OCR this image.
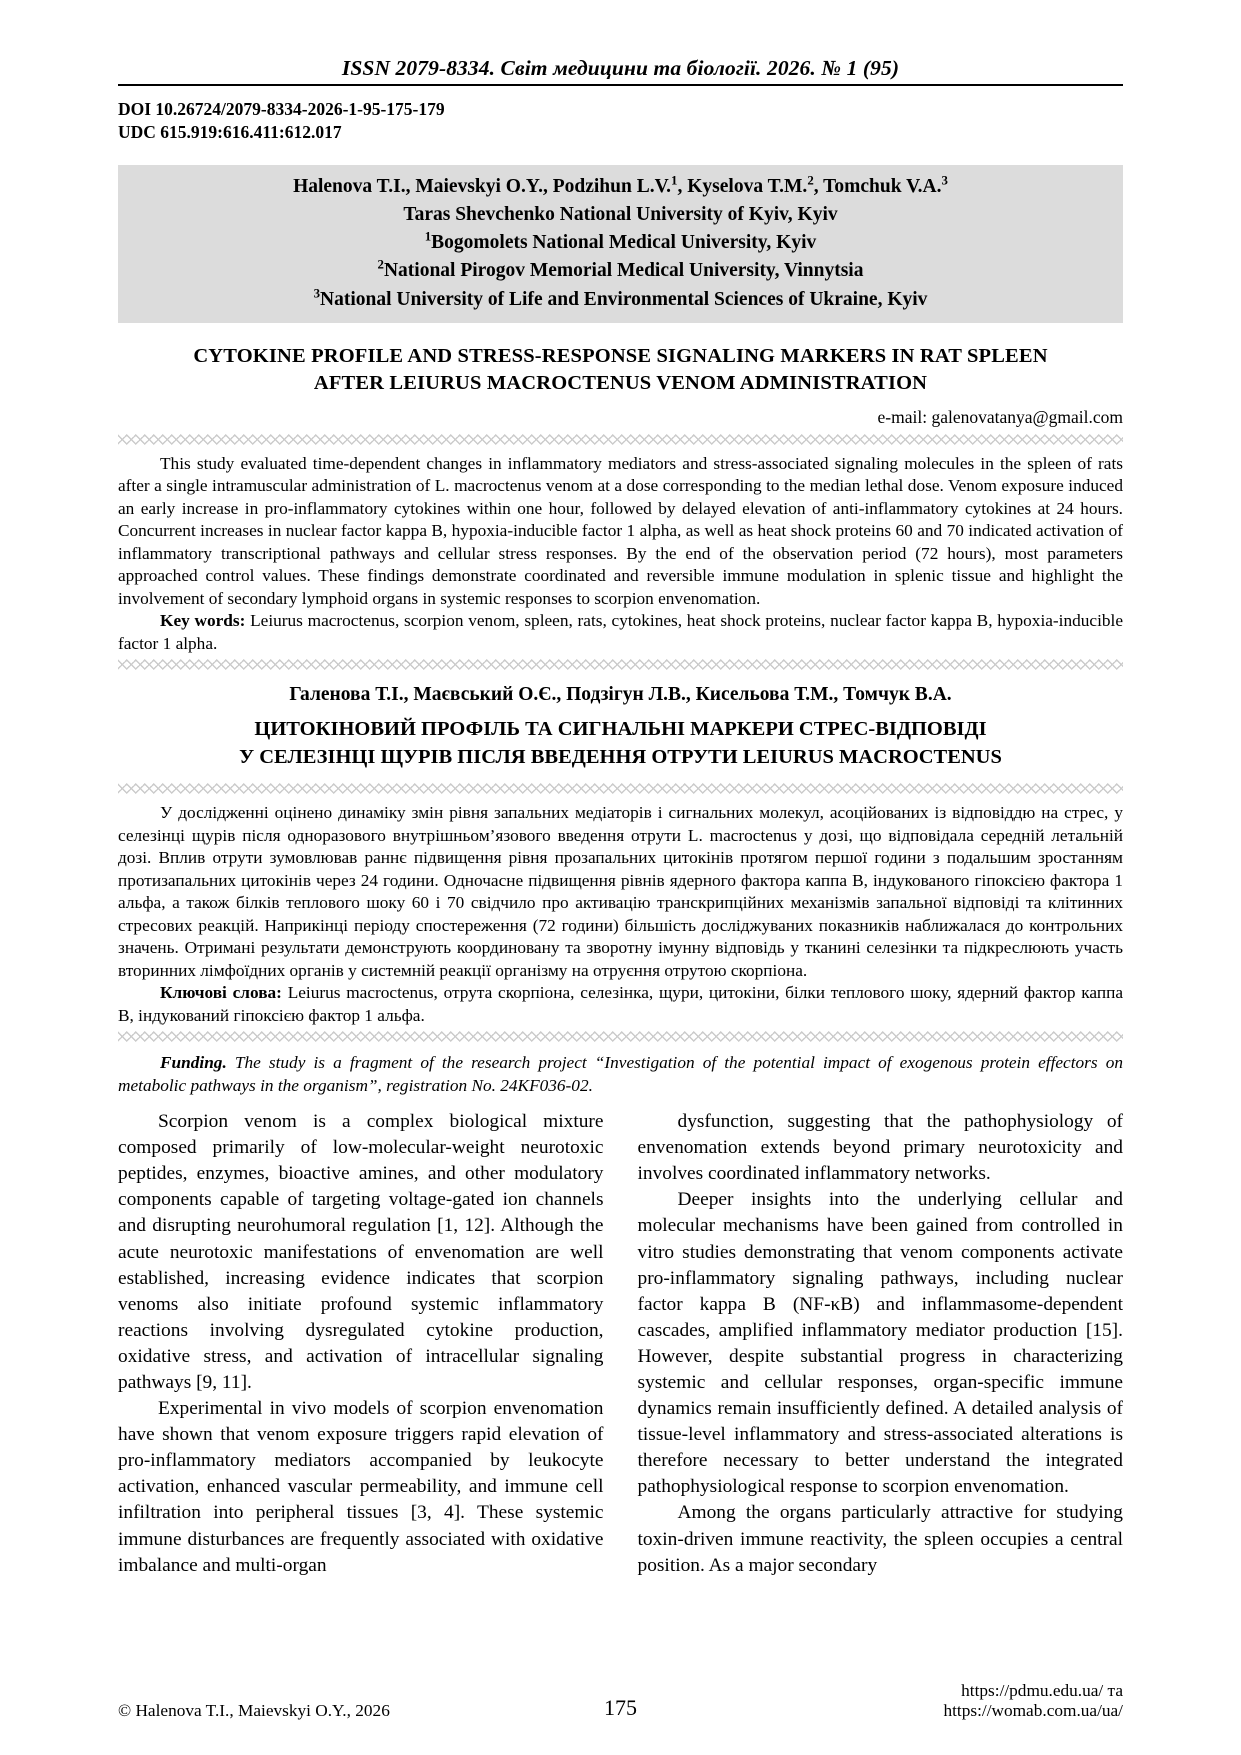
ISSN 2079-8334. Світ медицини та біології. 2026. № 1 (95)
DOI 10.26724/2079-8334-2026-1-95-175-179
UDC 615.919:616.411:612.017
Halenova T.I., Maievskyi O.Y., Podzihun L.V.$^1$, Kyselova T.M.$^2$, Tomchuk V.A.$^3$
Taras Shevchenko National University of Kyiv, Kyiv
$^1$Bogomolets National Medical University, Kyiv
$^2$National Pirogov Memorial Medical University, Vinnytsia
$^3$National University of Life and Environmental Sciences of Ukraine, Kyiv
CYTOKINE PROFILE AND STRESS-RESPONSE SIGNALING MARKERS IN RAT SPLEEN
AFTER LEIURUS MACROCTENUS VENOM ADMINISTRATION
e-mail: galenovatanya@gmail.com

This study evaluated time-dependent changes in inflammatory mediators and stress-associated signaling molecules in the spleen of rats after a single intramuscular administration of L. macroctenus venom at a dose corresponding to the median lethal dose. Venom exposure induced an early increase in pro-inflammatory cytokines within one hour, followed by delayed elevation of anti-inflammatory cytokines at 24 hours. Concurrent increases in nuclear factor kappa B, hypoxia-inducible factor 1 alpha, as well as heat shock proteins 60 and 70 indicated activation of inflammatory transcriptional pathways and cellular stress responses. By the end of the observation period (72 hours), most parameters approached control values. These findings demonstrate coordinated and reversible immune modulation in splenic tissue and highlight the involvement of secondary lymphoid organs in systemic responses to scorpion envenomation.

Key words: Leiurus macroctenus, scorpion venom, spleen, rats, cytokines, heat shock proteins, nuclear factor kappa B, hypoxia-inducible factor 1 alpha.

Галенова Т.І., Маєвський О.Є., Подзігун Л.В., Кисельова Т.М., Томчук В.А.
ЦИТОКІНОВИЙ ПРОФІЛЬ ТА СИГНАЛЬНІ МАРКЕРИ СТРЕС-ВІДПОВІДІ
У СЕЛЕЗІНЦІ ЩУРІВ ПІСЛЯ ВВЕДЕННЯ ОТРУТИ LEIURUS MACROCTENUS

У дослідженні оцінено динаміку змін рівня запальних медіаторів і сигнальних молекул, асоційованих із відповіддю на стрес, у селезінці щурів після одноразового внутрішньом’язового введення отрути L. macroctenus у дозі, що відповідала середній летальній дозі. Вплив отрути зумовлював раннє підвищення рівня прозапальних цитокінів протягом першої години з подальшим зростанням протизапальних цитокінів через 24 години. Одночасне підвищення рівнів ядерного фактора каппа В, індукованого гіпоксією фактора 1 альфа, а також білків теплового шоку 60 і 70 свідчило про активацію транскрипційних механізмів запальної відповіді та клітинних стресових реакцій. Наприкінці періоду спостереження (72 години) більшість досліджуваних показників наближалася до контрольних значень. Отримані результати демонструють координовану та зворотну імунну відповідь у тканині селезінки та підкреслюють участь вторинних лімфоїдних органів у системній реакції організму на отруєння отрутою скорпіона.

Ключові слова: Leiurus macroctenus, отрута скорпіона, селезінка, щури, цитокіни, білки теплового шоку, ядерний фактор каппа В, індукований гіпоксією фактор 1 альфа.

Funding. The study is a fragment of the research project “Investigation of the potential impact of exogenous protein effectors on metabolic pathways in the organism”, registration No. 24KF036-02.

Scorpion venom is a complex biological mixture composed primarily of low-molecular-weight neurotoxic peptides, enzymes, bioactive amines, and other modulatory components capable of targeting voltage-gated ion channels and disrupting neurohumoral regulation [1, 12]. Although the acute neurotoxic manifestations of envenomation are well established, increasing evidence indicates that scorpion venoms also initiate profound systemic inflammatory reactions involving dysregulated cytokine production, oxidative stress, and activation of intracellular signaling pathways [9, 11].

Experimental in vivo models of scorpion envenomation have shown that venom exposure triggers rapid elevation of pro-inflammatory mediators accompanied by leukocyte activation, enhanced vascular permeability, and immune cell infiltration into peripheral tissues [3, 4]. These systemic immune disturbances are frequently associated with oxidative imbalance and multi-organ

dysfunction, suggesting that the pathophysiology of envenomation extends beyond primary neurotoxicity and involves coordinated inflammatory networks.

Deeper insights into the underlying cellular and molecular mechanisms have been gained from controlled in vitro studies demonstrating that venom components activate pro-inflammatory signaling pathways, including nuclear factor kappa B (NF-κB) and inflammasome-dependent cascades, amplified inflammatory mediator production [15]. However, despite substantial progress in characterizing systemic and cellular responses, organ-specific immune dynamics remain insufficiently defined. A detailed analysis of tissue-level inflammatory and stress-associated alterations is therefore necessary to better understand the integrated pathophysiological response to scorpion envenomation.

Among the organs particularly attractive for studying toxin-driven immune reactivity, the spleen occupies a central position. As a major secondary

© Halenova T.I., Maievskyi O.Y., 2026	175
https://pdmu.edu.ua/ та https://womab.com.ua/ua/
